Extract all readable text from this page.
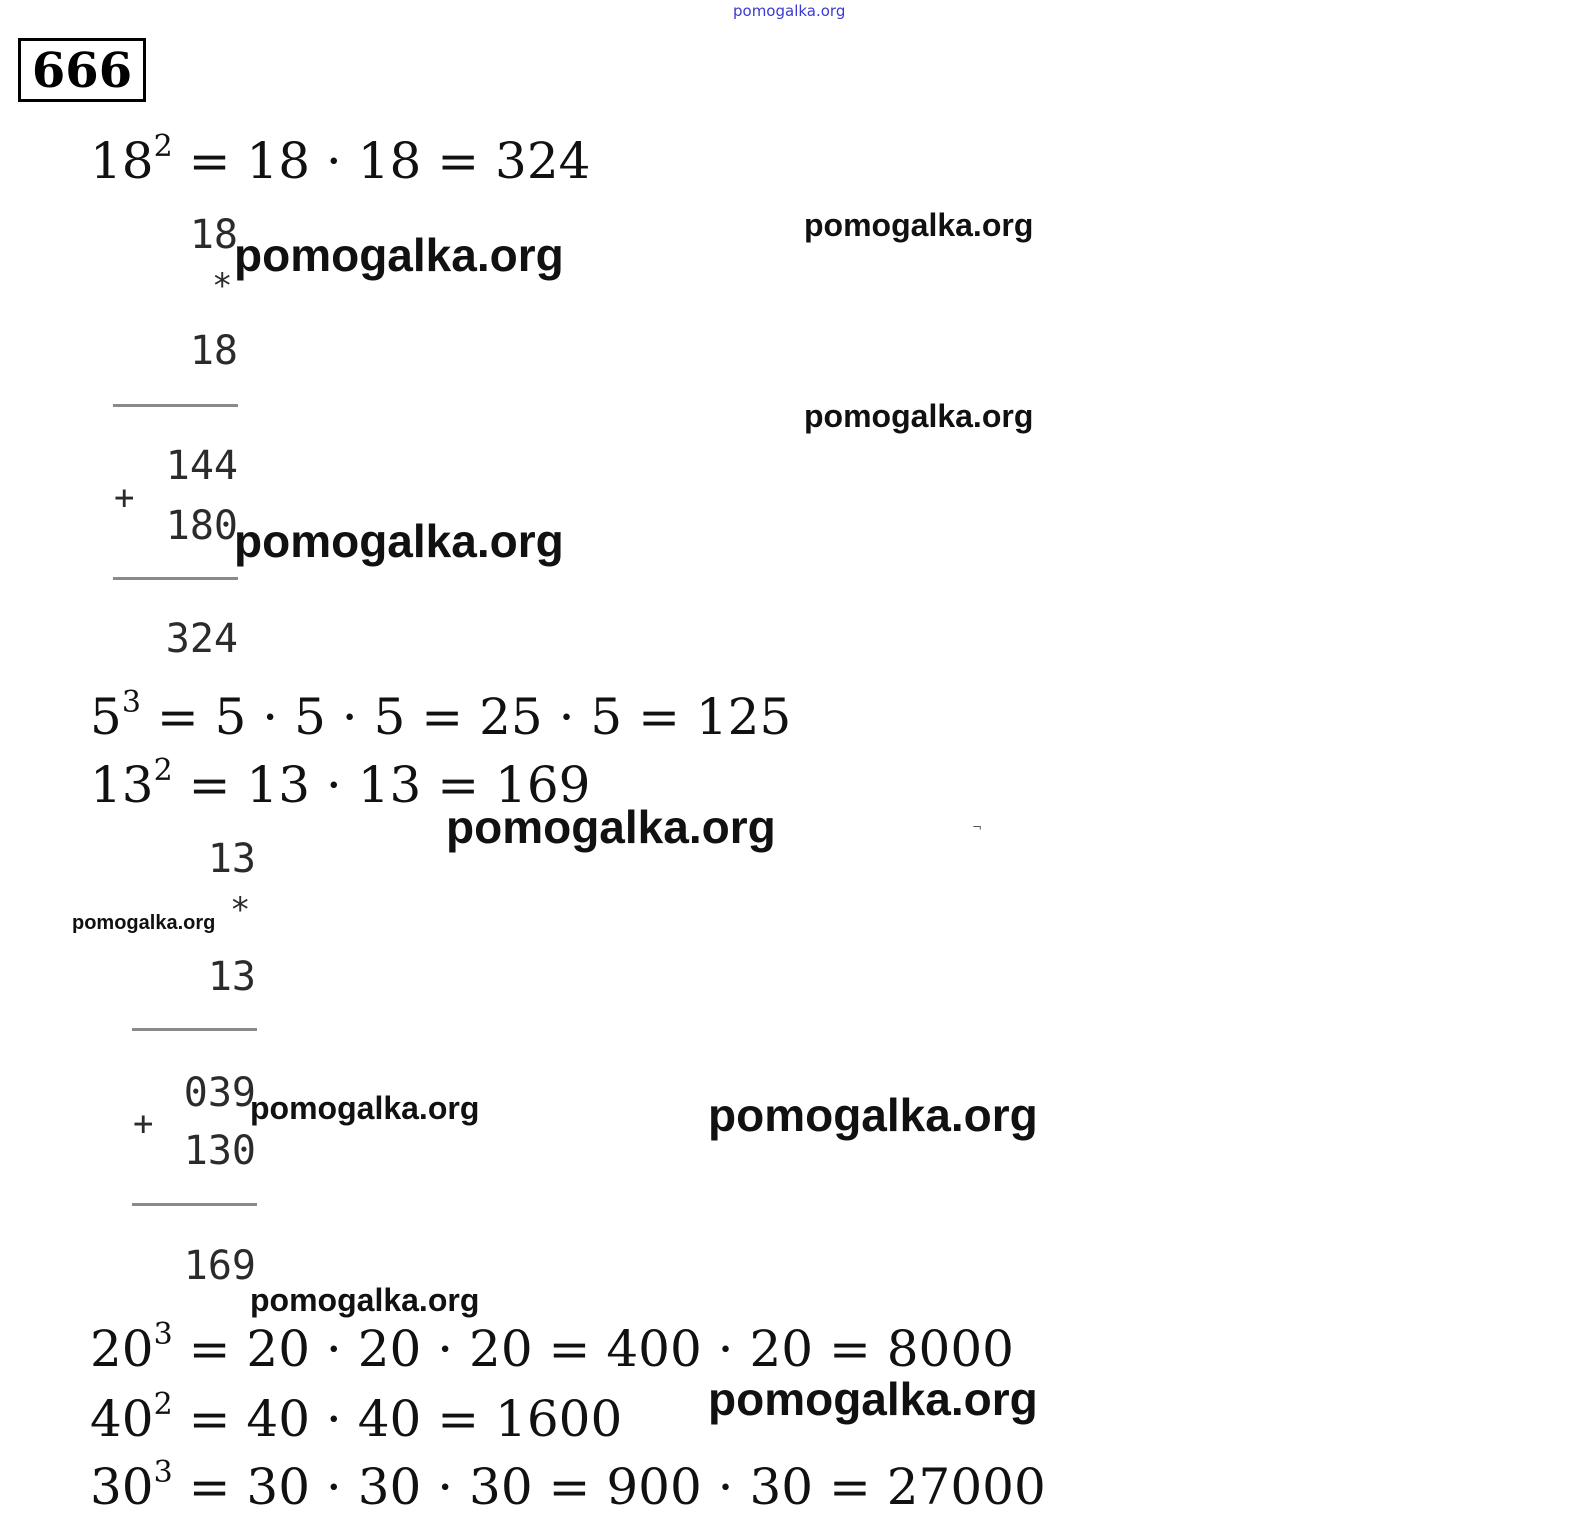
pomogalka.org
666
$18^2 = 18 \cdot 18 = 324$
18
*
18
144
+
180
324
$5^3 = 5 \cdot 5 \cdot 5 = 25 \cdot 5 = 125$
$13^2 = 13 \cdot 13 = 169$
13
*
13
039
+
130
169
$20^3 = 20 \cdot 20 \cdot 20 = 400 \cdot 20 = 8000$
$40^2 = 40 \cdot 40 = 1600$
$30^3 = 30 \cdot 30 \cdot 30 = 900 \cdot 30 = 27000$
pomogalka.org
pomogalka.org
pomogalka.org
pomogalka.org
pomogalka.org	¬
pomogalka.org
pomogalka.org	pomogalka.org
pomogalka.org
pomogalka.org
